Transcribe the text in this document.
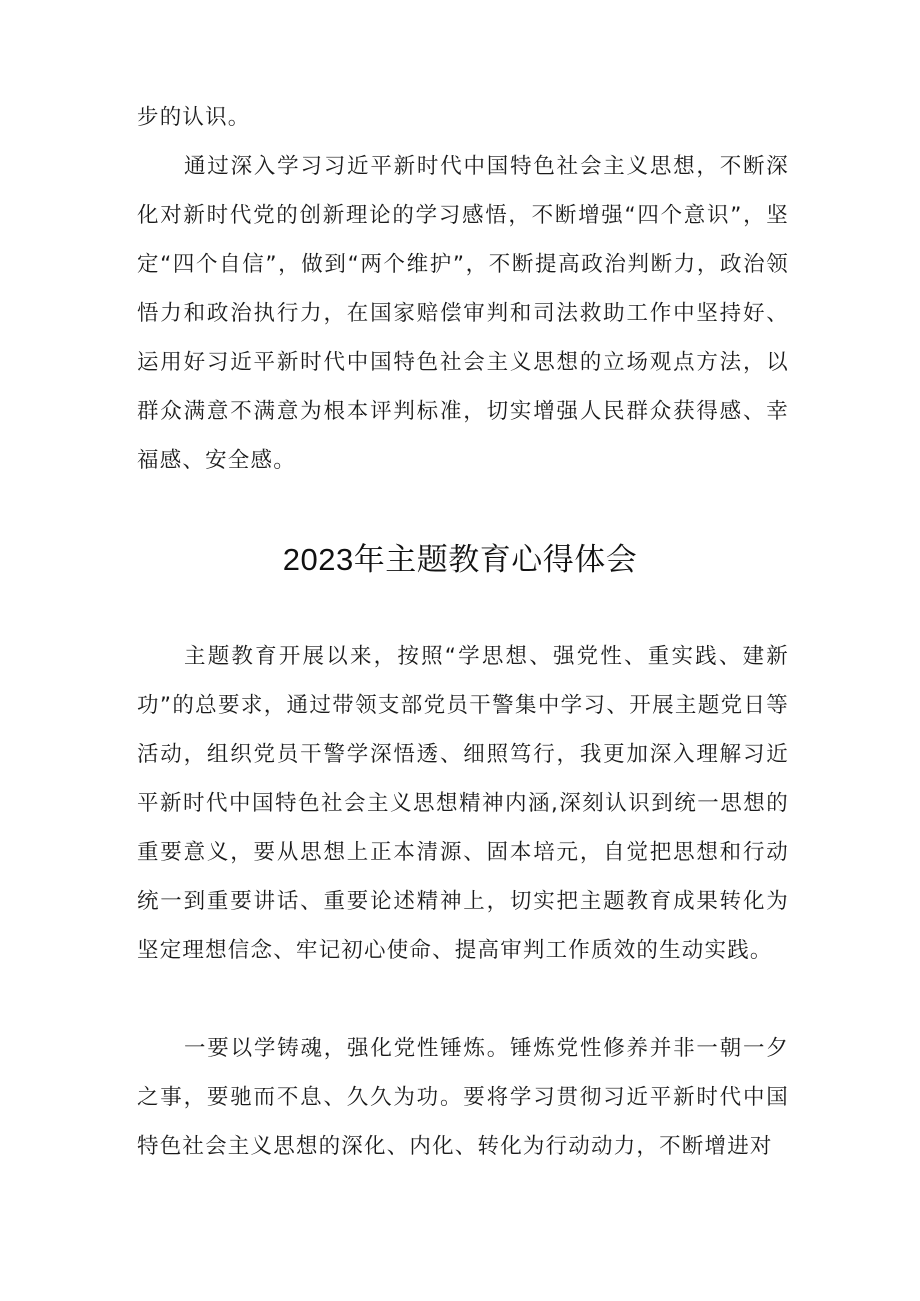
步的认识。

通过深入学习习近平新时代中国特色社会主义思想，不断深化对新时代党的创新理论的学习感悟，不断增强“四个意识”，坚定“四个自信”，做到“两个维护”，不断提高政治判断力，政治领悟力和政治执行力，在国家赔偿审判和司法救助工作中坚持好、运用好习近平新时代中国特色社会主义思想的立场观点方法，以群众满意不满意为根本评判标准，切实增强人民群众获得感、幸福感、安全感。

2023年主题教育心得体会

主题教育开展以来，按照“学思想、强党性、重实践、建新功”的总要求，通过带领支部党员干警集中学习、开展主题党日等活动，组织党员干警学深悟透、细照笃行，我更加深入理解习近平新时代中国特色社会主义思想精神内涵,深刻认识到统一思想的重要意义，要从思想上正本清源、固本培元，自觉把思想和行动统一到重要讲话、重要论述精神上，切实把主题教育成果转化为坚定理想信念、牢记初心使命、提高审判工作质效的生动实践。

一要以学铸魂，强化党性锤炼。锤炼党性修养并非一朝一夕之事，要驰而不息、久久为功。要将学习贯彻习近平新时代中国特色社会主义思想的深化、内化、转化为行动动力，不断增进对
